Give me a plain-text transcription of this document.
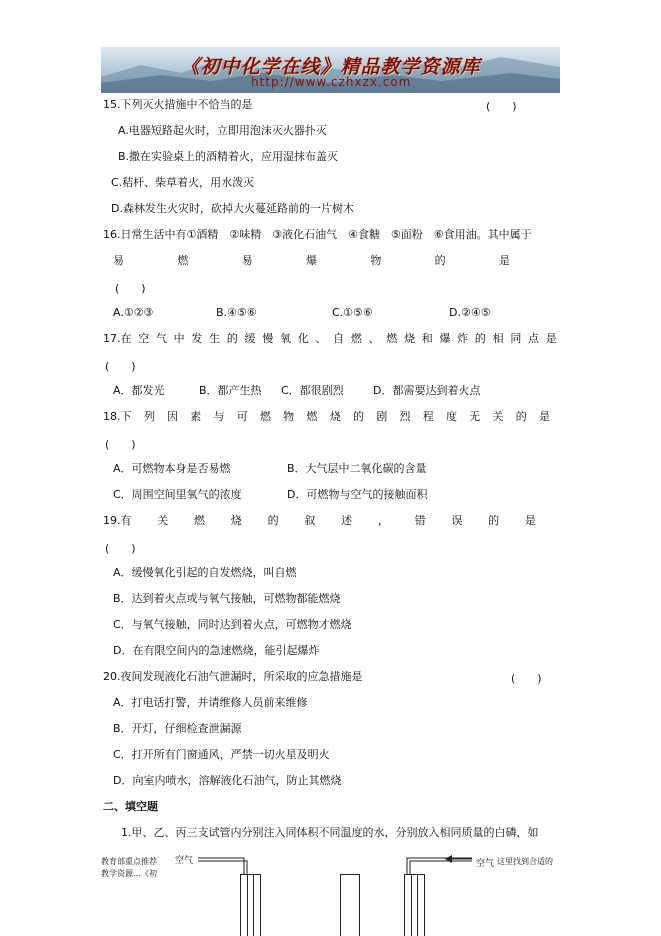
《初中化学在线》精品教学资源库
http://www.czhxzx.com
15.下列灭火措施中不恰当的是	(　　)
A.电器短路起火时，立即用泡沫灭火器扑灭
B.撒在实验桌上的酒精着火，应用湿抹布盖灭
C.秸杆、柴草着火，用水泼灭
D.森林发生火灾时，砍掉大火蔓延路前的一片树木
16.日常生活中有①酒精　②味精　③液化石油气　④食糖　⑤面粉　⑥食用油。其中属于
易	燃	易	爆	物	的	是
(　　)
A.①②③	B.④⑤⑥	C.①⑤⑥	D.②④⑤
17.在 空 气 中 发 生 的 缓 慢 氧 化 、 自 燃 、 燃 烧 和 爆 炸 的 相 同 点 是
(　　)
A．都发光	B．都产生热 C．都很剧烈	D．都需要达到着火点
18.下 列 因 素 与 可 燃 物 燃 烧 的 剧 烈 程 度 无 关 的 是
(　　)
A．可燃物本身是否易燃	B．大气层中二氧化碳的含量
C．周围空间里氧气的浓度	D．可燃物与空气的接触面积
19.有 关 燃 烧 的 叙 述 ， 错 误 的 是
(　　)
A．缓慢氧化引起的自发燃烧，叫自燃
B．达到着火点或与氧气接触，可燃物都能燃烧
C．与氧气接触，同时达到着火点，可燃物才燃烧
D．在有限空间内的急速燃烧，能引起爆炸
20.夜间发现液化石油气泄漏时，所采取的应急措施是	(　　)
A．打电话打警，并请维修人员前来维修
B．开灯，仔细检查泄漏源
C．打开所有门窗通风，严禁一切火星及明火
D．向室内喷水，溶解液化石油气，防止其燃烧
二、填空题
1.甲、乙、丙三支试管内分别注入同体积不同温度的水，分别放入相同质量的白磷，如
教育部重点推荐
教学资源…《初
空气	空气 这里找到合适的
